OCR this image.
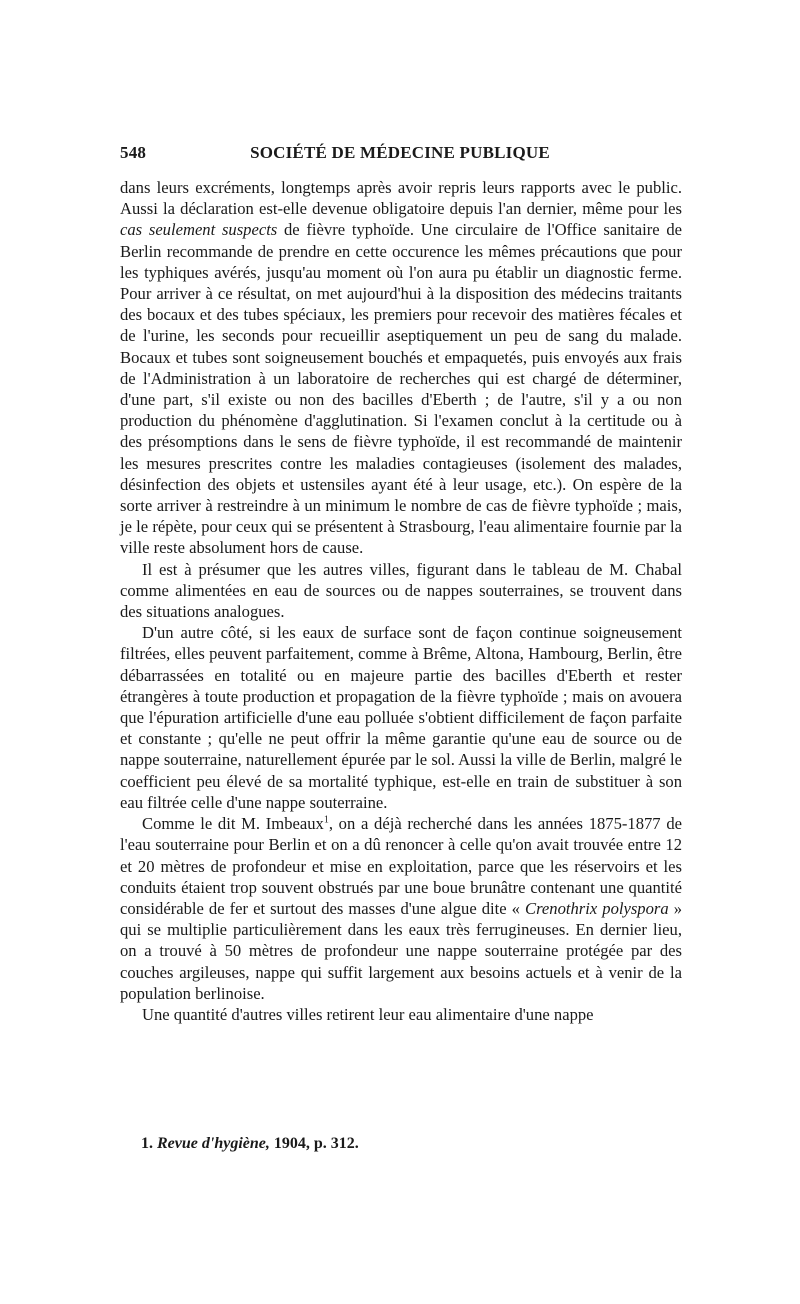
548	SOCIÉTÉ DE MÉDECINE PUBLIQUE

dans leurs excréments, longtemps après avoir repris leurs rapports avec le public. Aussi la déclaration est-elle devenue obligatoire depuis l'an dernier, même pour les cas seulement suspects de fièvre typhoïde. Une circulaire de l'Office sanitaire de Berlin recommande de prendre en cette occurence les mêmes précautions que pour les typhiques avérés, jusqu'au moment où l'on aura pu établir un diagnostic ferme. Pour arriver à ce résultat, on met aujourd'hui à la disposition des médecins traitants des bocaux et des tubes spéciaux, les premiers pour recevoir des matières fécales et de l'urine, les seconds pour recueillir aseptiquement un peu de sang du malade. Bocaux et tubes sont soigneusement bouchés et empaquetés, puis envoyés aux frais de l'Administration à un laboratoire de recherches qui est chargé de déterminer, d'une part, s'il existe ou non des bacilles d'Eberth ; de l'autre, s'il y a ou non production du phénomène d'agglutination. Si l'examen conclut à la certitude ou à des présomptions dans le sens de fièvre typhoïde, il est recommandé de maintenir les mesures prescrites contre les maladies contagieuses (isolement des malades, désinfection des objets et ustensiles ayant été à leur usage, etc.). On espère de la sorte arriver à restreindre à un minimum le nombre de cas de fièvre typhoïde ; mais, je le répète, pour ceux qui se présentent à Strasbourg, l'eau alimentaire fournie par la ville reste absolument hors de cause.

Il est à présumer que les autres villes, figurant dans le tableau de M. Chabal comme alimentées en eau de sources ou de nappes souterraines, se trouvent dans des situations analogues.

D'un autre côté, si les eaux de surface sont de façon continue soigneusement filtrées, elles peuvent parfaitement, comme à Brême, Altona, Hambourg, Berlin, être débarrassées en totalité ou en majeure partie des bacilles d'Eberth et rester étrangères à toute production et propagation de la fièvre typhoïde ; mais on avouera que l'épuration artificielle d'une eau polluée s'obtient difficilement de façon parfaite et constante ; qu'elle ne peut offrir la même garantie qu'une eau de source ou de nappe souterraine, naturellement épurée par le sol. Aussi la ville de Berlin, malgré le coefficient peu élevé de sa mortalité typhique, est-elle en train de substituer à son eau filtrée celle d'une nappe souterraine.

Comme le dit M. Imbeaux$^1$, on a déjà recherché dans les années 1875-1877 de l'eau souterraine pour Berlin et on a dû renoncer à celle qu'on avait trouvée entre 12 et 20 mètres de profondeur et mise en exploitation, parce que les réservoirs et les conduits étaient trop souvent obstrués par une boue brunâtre contenant une quantité considérable de fer et surtout des masses d'une algue dite « Crenothrix polyspora » qui se multiplie particulièrement dans les eaux très ferrugineuses. En dernier lieu, on a trouvé à 50 mètres de profondeur une nappe souterraine protégée par des couches argileuses, nappe qui suffit largement aux besoins actuels et à venir de la population berlinoise.

Une quantité d'autres villes retirent leur eau alimentaire d'une nappe

1. Revue d'hygiène, 1904, p. 312.
